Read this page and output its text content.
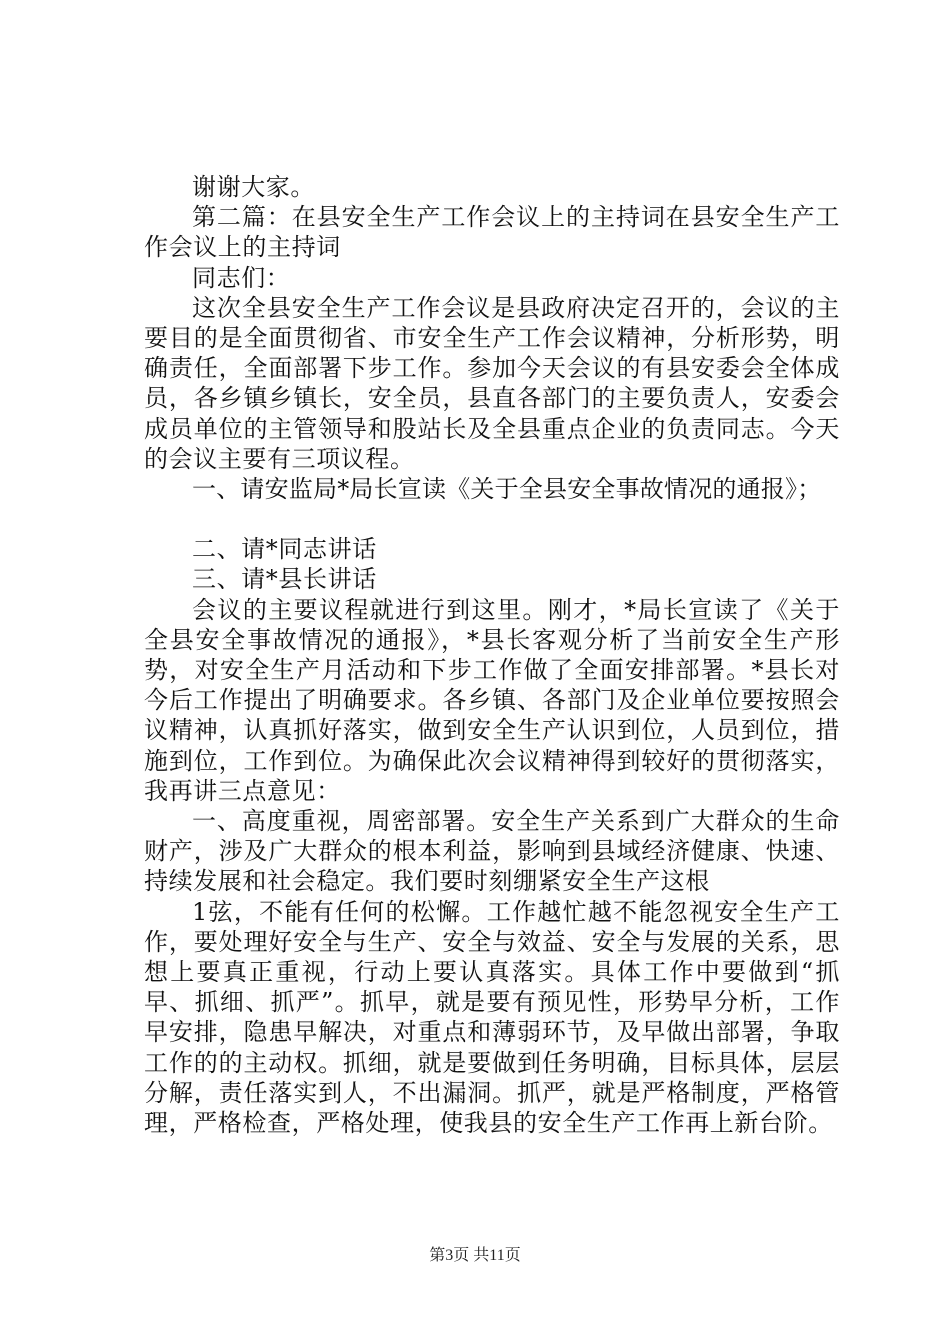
谢谢大家。

第二篇：在县安全生产工作会议上的主持词在县安全生产工作会议上的主持词

同志们：

这次全县安全生产工作会议是县政府决定召开的，会议的主要目的是全面贯彻省、市安全生产工作会议精神，分析形势，明确责任，全面部署下步工作。参加今天会议的有县安委会全体成员，各乡镇乡镇长，安全员，县直各部门的主要负责人，安委会成员单位的主管领导和股站长及全县重点企业的负责同志。今天的会议主要有三项议程。

一、请安监局*局长宣读《关于全县安全事故情况的通报》；

二、请*同志讲话

三、请*县长讲话

会议的主要议程就进行到这里。刚才，*局长宣读了《关于全县安全事故情况的通报》，*县长客观分析了当前安全生产形势，对安全生产月活动和下步工作做了全面安排部署。*县长对今后工作提出了明确要求。各乡镇、各部门及企业单位要按照会议精神，认真抓好落实，做到安全生产认识到位，人员到位，措施到位，工作到位。为确保此次会议精神得到较好的贯彻落实，我再讲三点意见：

一、高度重视，周密部署。安全生产关系到广大群众的生命财产，涉及广大群众的根本利益，影响到县域经济健康、快速、持续发展和社会稳定。我们要时刻绷紧安全生产这根

1弦，不能有任何的松懈。工作越忙越不能忽视安全生产工作，要处理好安全与生产、安全与效益、安全与发展的关系，思想上要真正重视，行动上要认真落实。具体工作中要做到“抓早、抓细、抓严”。抓早，就是要有预见性，形势早分析，工作早安排，隐患早解决，对重点和薄弱环节，及早做出部署，争取工作的的主动权。抓细，就是要做到任务明确，目标具体，层层分解，责任落实到人，不出漏洞。抓严，就是严格制度，严格管理，严格检查，严格处理，使我县的安全生产工作再上新台阶。

第3页 共11页
